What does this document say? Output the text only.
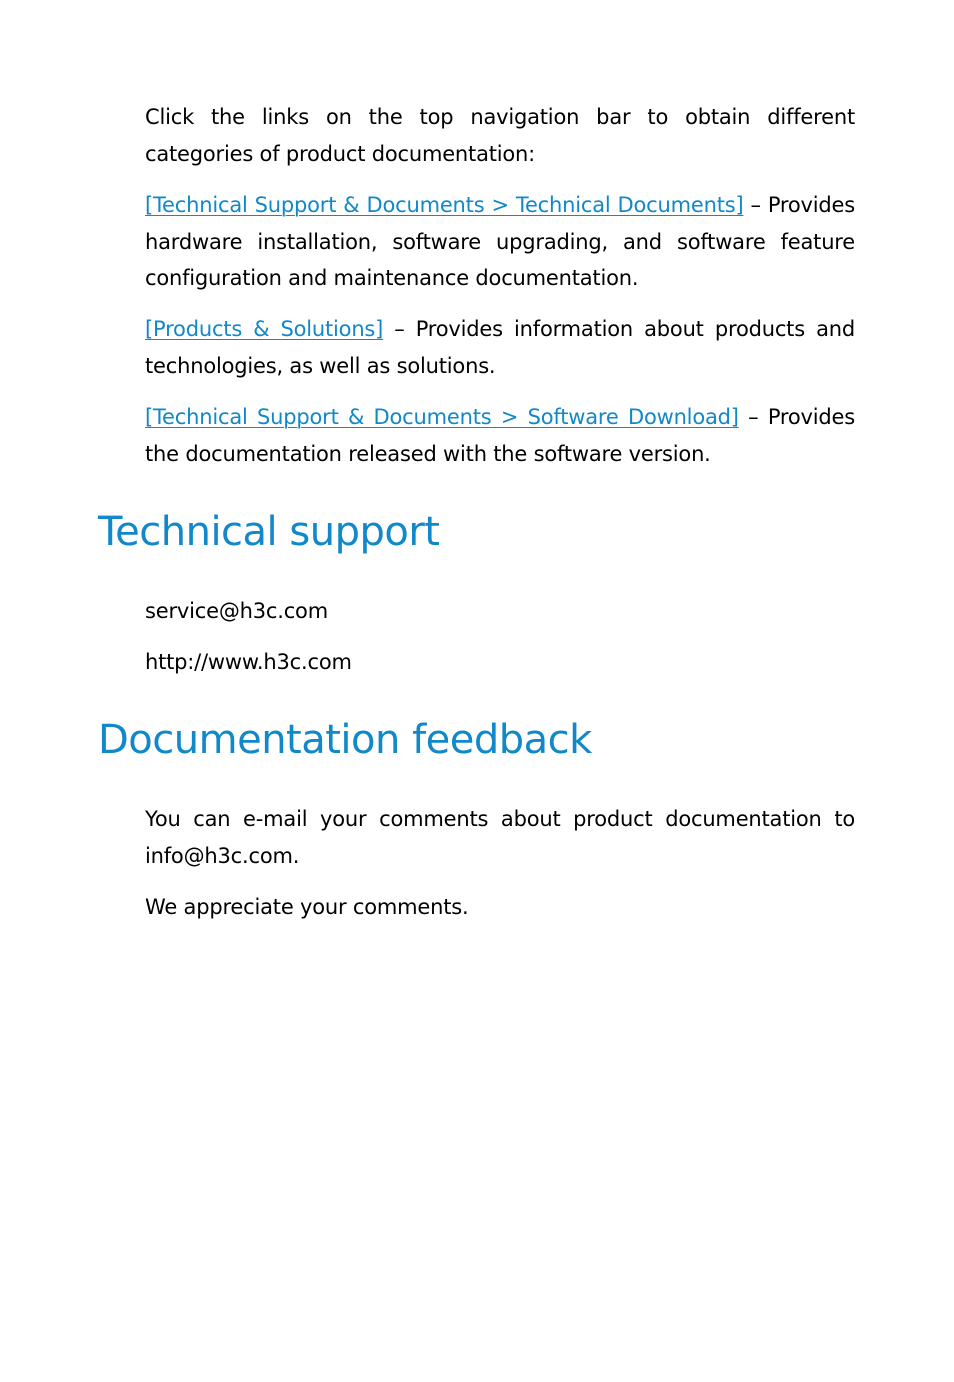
Click the links on the top navigation bar to obtain different categories of product documentation:

[Technical Support & Documents > Technical Documents] – Provides hardware installation, software upgrading, and software feature configuration and maintenance documentation.

[Products & Solutions] – Provides information about products and technologies, as well as solutions.

[Technical Support & Documents > Software Download] – Provides the documentation released with the software version.

Technical support

service@h3c.com

http://www.h3c.com

Documentation feedback

You can e-mail your comments about product documentation to info@h3c.com.

We appreciate your comments.
